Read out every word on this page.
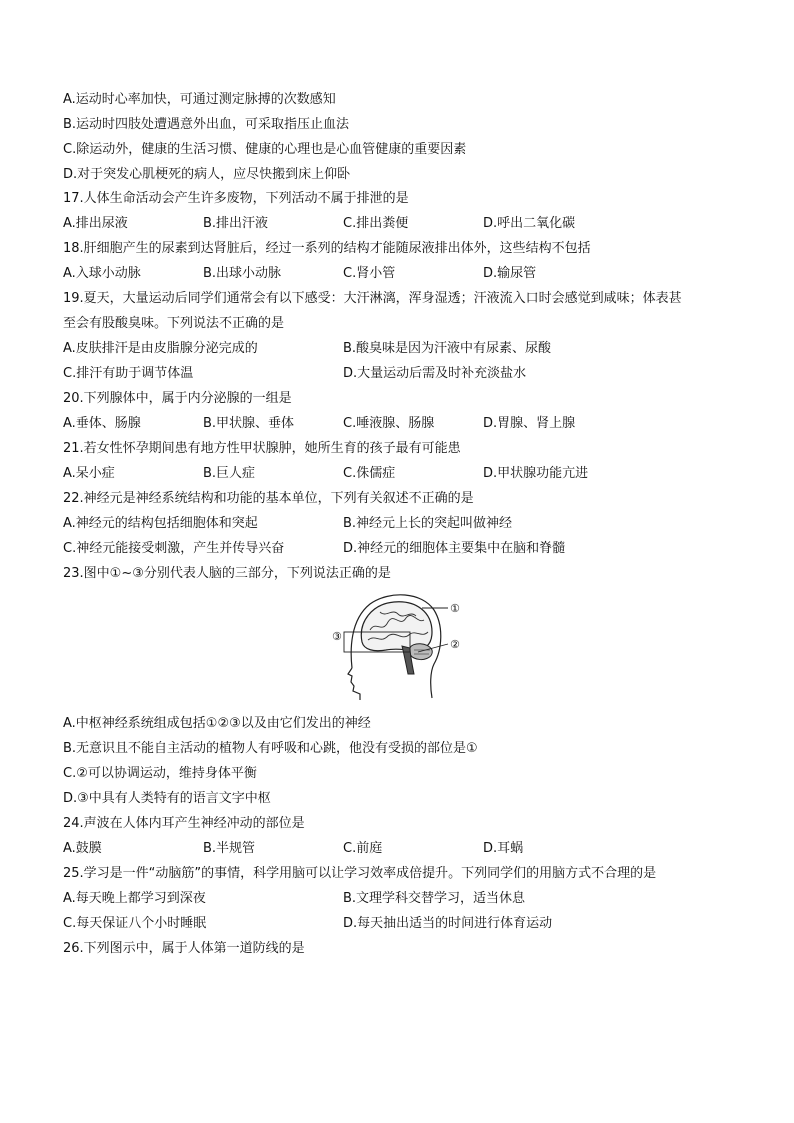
A.运动时心率加快，可通过测定脉搏的次数感知
B.运动时四肢处遭遇意外出血，可采取指压止血法
C.除运动外，健康的生活习惯、健康的心理也是心血管健康的重要因素
D.对于突发心肌梗死的病人，应尽快搬到床上仰卧
17.人体生命活动会产生许多废物，下列活动不属于排泄的是
A.排出尿液	B.排出汗液	C.排出粪便	D.呼出二氧化碳
18.肝细胞产生的尿素到达肾脏后，经过一系列的结构才能随尿液排出体外，这些结构不包括
A.入球小动脉	B.出球小动脉	C.肾小管	D.输尿管
19.夏天，大量运动后同学们通常会有以下感受：大汗淋漓，浑身湿透；汗液流入口时会感觉到咸味；体表甚
至会有股酸臭味。下列说法不正确的是
A.皮肤排汗是由皮脂腺分泌完成的	B.酸臭味是因为汗液中有尿素、尿酸
C.排汗有助于调节体温	D.大量运动后需及时补充淡盐水
20.下列腺体中，属于内分泌腺的一组是
A.垂体、肠腺	B.甲状腺、垂体	C.唾液腺、肠腺	D.胃腺、肾上腺
21.若女性怀孕期间患有地方性甲状腺肿，她所生育的孩子最有可能患
A.呆小症	B.巨人症	C.侏儒症	D.甲状腺功能亢进
22.神经元是神经系统结构和功能的基本单位，下列有关叙述不正确的是
A.神经元的结构包括细胞体和突起	B.神经元上长的突起叫做神经
C.神经元能接受刺激，产生并传导兴奋	D.神经元的细胞体主要集中在脑和脊髓
23.图中①~③分别代表人脑的三部分，下列说法正确的是
①
②
③
A.中枢神经系统组成包括①②③以及由它们发出的神经
B.无意识且不能自主活动的植物人有呼吸和心跳，他没有受损的部位是①
C.②可以协调运动，维持身体平衡
D.③中具有人类特有的语言文字中枢
24.声波在人体内耳产生神经冲动的部位是
A.鼓膜	B.半规管	C.前庭	D.耳蜗
25.学习是一件“动脑筋”的事情，科学用脑可以让学习效率成倍提升。下列同学们的用脑方式不合理的是
A.每天晚上都学习到深夜	B.文理学科交替学习，适当休息
C.每天保证八个小时睡眠	D.每天抽出适当的时间进行体育运动
26.下列图示中，属于人体第一道防线的是
